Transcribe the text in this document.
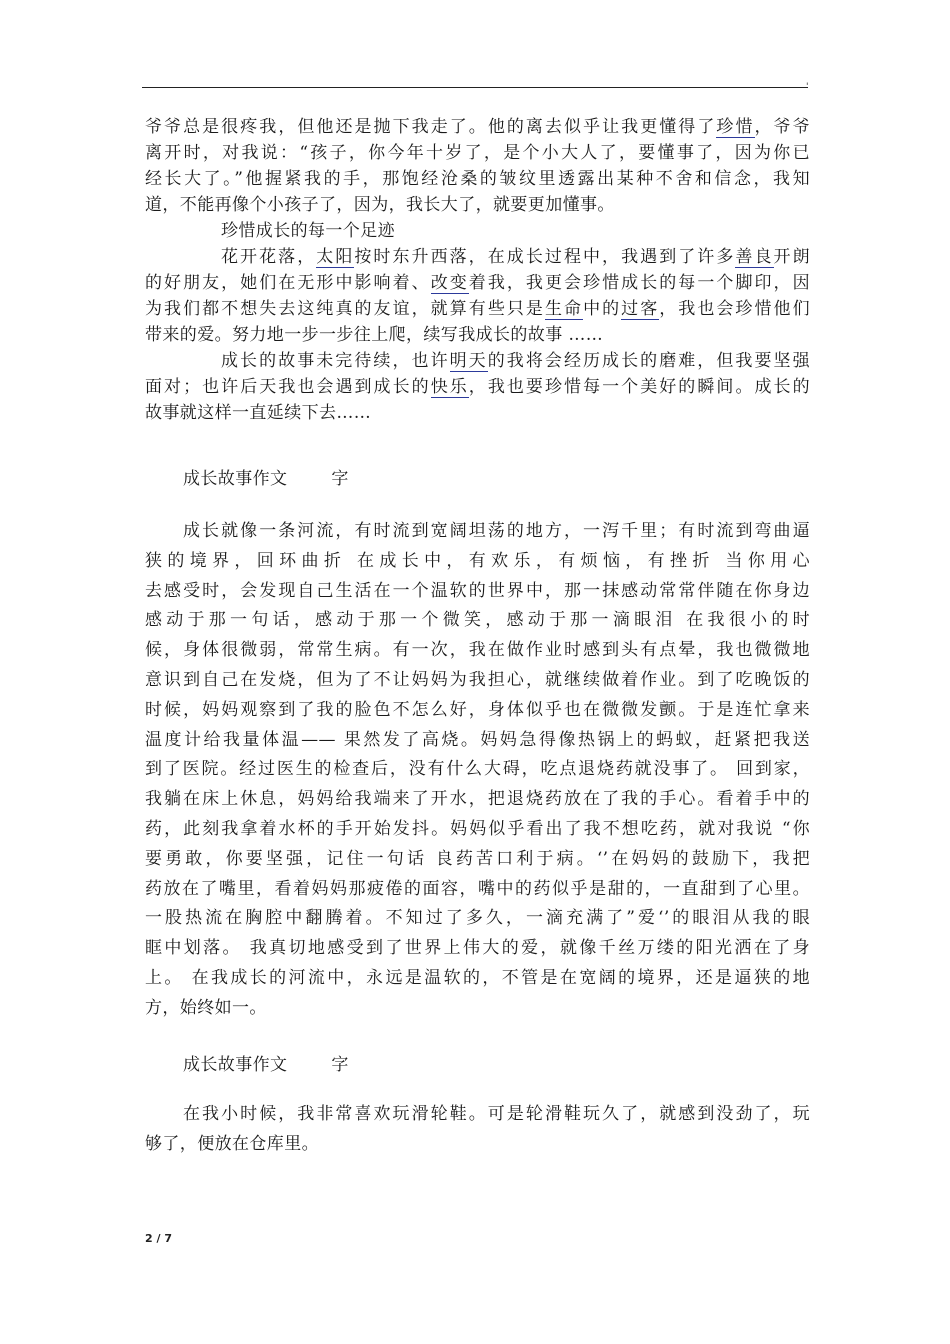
'
爷爷总是很疼我，但他还是抛下我走了。他的离去似乎让我更懂得了珍惜，爷爷
离开时，对我说：“孩子，你今年十岁了，是个小大人了，要懂事了，因为你已
经长大了。”他握紧我的手，那饱经沧桑的皱纹里透露出某种不舍和信念，我知
道，不能再像个小孩子了，因为，我长大了，就要更加懂事。
珍惜成长的每一个足迹
花开花落，太阳按时东升西落，在成长过程中，我遇到了许多善良开朗
的好朋友，她们在无形中影响着、改变着我，我更会珍惜成长的每一个脚印，因
为我们都不想失去这纯真的友谊，就算有些只是生命中的过客，我也会珍惜他们
带来的爱。努力地一步一步往上爬，续写我成长的故事 ……
成长的故事未完待续，也许明天的我将会经历成长的磨难，但我要坚强
面对；也许后天我也会遇到成长的快乐，我也要珍惜每一个美好的瞬间。成长的
故事就这样一直延续下去……
成长故事作文	字
成长就像一条河流，有时流到宽阔坦荡的地方，一泻千里；有时流到弯曲逼
狭的境界，回环曲折 在成长中，有欢乐，有烦恼，有挫折 当你用心
去感受时，会发现自己生活在一个温软的世界中，那一抹感动常常伴随在你身边
感动于那一句话，感动于那一个微笑，感动于那一滴眼泪 在我很小的时
候，身体很微弱，常常生病。有一次，我在做作业时感到头有点晕，我也微微地
意识到自己在发烧，但为了不让妈妈为我担心，就继续做着作业。到了吃晚饭的
时候，妈妈观察到了我的脸色不怎么好，身体似乎也在微微发颤。于是连忙拿来
温度计给我量体温—— 果然发了高烧。妈妈急得像热锅上的蚂蚁，赶紧把我送
到了医院。经过医生的检查后，没有什么大碍，吃点退烧药就没事了。 回到家，
我躺在床上休息，妈妈给我端来了开水，把退烧药放在了我的手心。看着手中的
药，此刻我拿着水杯的手开始发抖。妈妈似乎看出了我不想吃药，就对我说 “你
要勇敢，你要坚强，记住一句话 良药苦口利于病。‘’在妈妈的鼓励下，我把
药放在了嘴里，看着妈妈那疲倦的面容，嘴中的药似乎是甜的，一直甜到了心里。
一股热流在胸腔中翻腾着。不知过了多久，一滴充满了”爱‘’的眼泪从我的眼
眶中划落。 我真切地感受到了世界上伟大的爱，就像千丝万缕的阳光洒在了身
上。 在我成长的河流中，永远是温软的，不管是在宽阔的境界，还是逼狭的地
方，始终如一。
成长故事作文	字
在我小时候，我非常喜欢玩滑轮鞋。可是轮滑鞋玩久了，就感到没劲了，玩
够了，便放在仓库里。
2 / 7
